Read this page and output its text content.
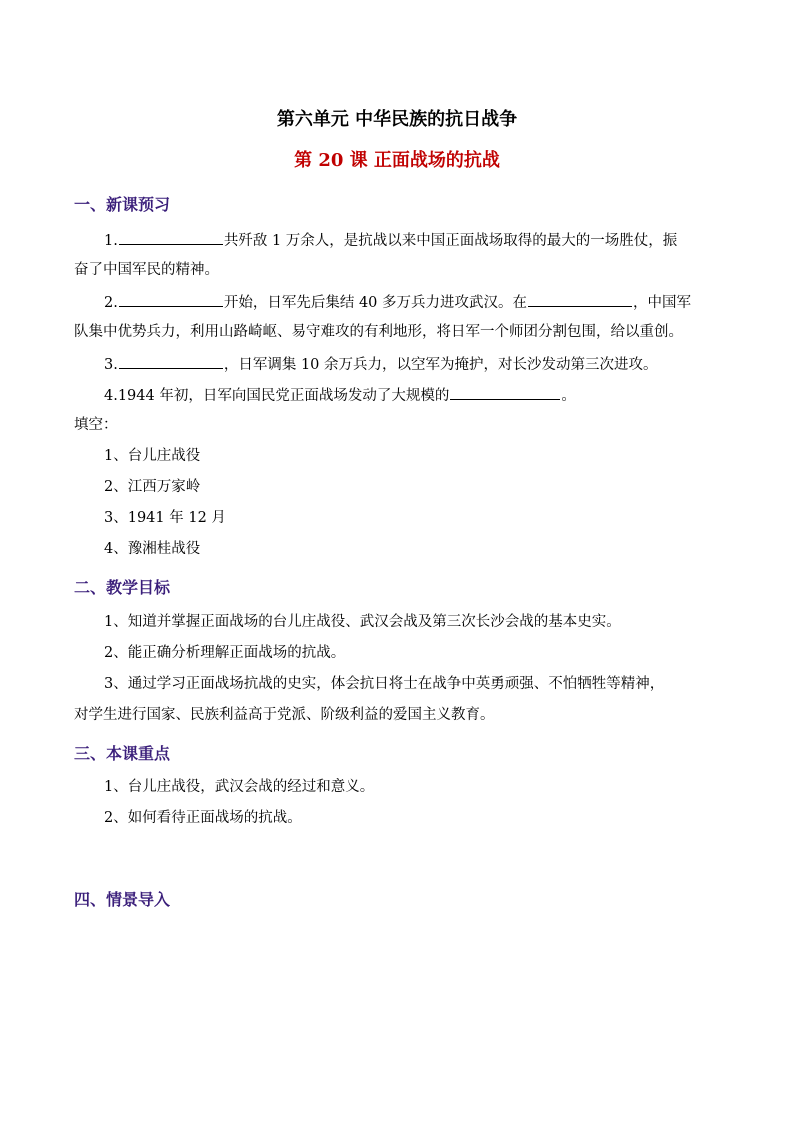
第六单元 中华民族的抗日战争
第 20 课 正面战场的抗战
一、新课预习
1.	共歼敌 1 万余人，是抗战以来中国正面战场取得的最大的一场胜仗，振
奋了中国军民的精神。
2.	开始，日军先后集结 40 多万兵力进攻武汉。在	，中国军
队集中优势兵力，利用山路崎岖、易守难攻的有利地形，将日军一个师团分割包围，给以重创。
3.	，日军调集 10 余万兵力，以空军为掩护，对长沙发动第三次进攻。
4.1944 年初，日军向国民党正面战场发动了大规模的	。
填空：
1、台儿庄战役
2、江西万家岭
3、1941 年 12 月
4、豫湘桂战役
二、教学目标
1、知道并掌握正面战场的台儿庄战役、武汉会战及第三次长沙会战的基本史实。
2、能正确分析理解正面战场的抗战。
3、通过学习正面战场抗战的史实，体会抗日将士在战争中英勇顽强、不怕牺牲等精神，
对学生进行国家、民族利益高于党派、阶级利益的爱国主义教育。
三、本课重点
1、台儿庄战役，武汉会战的经过和意义。
2、如何看待正面战场的抗战。
四、情景导入
